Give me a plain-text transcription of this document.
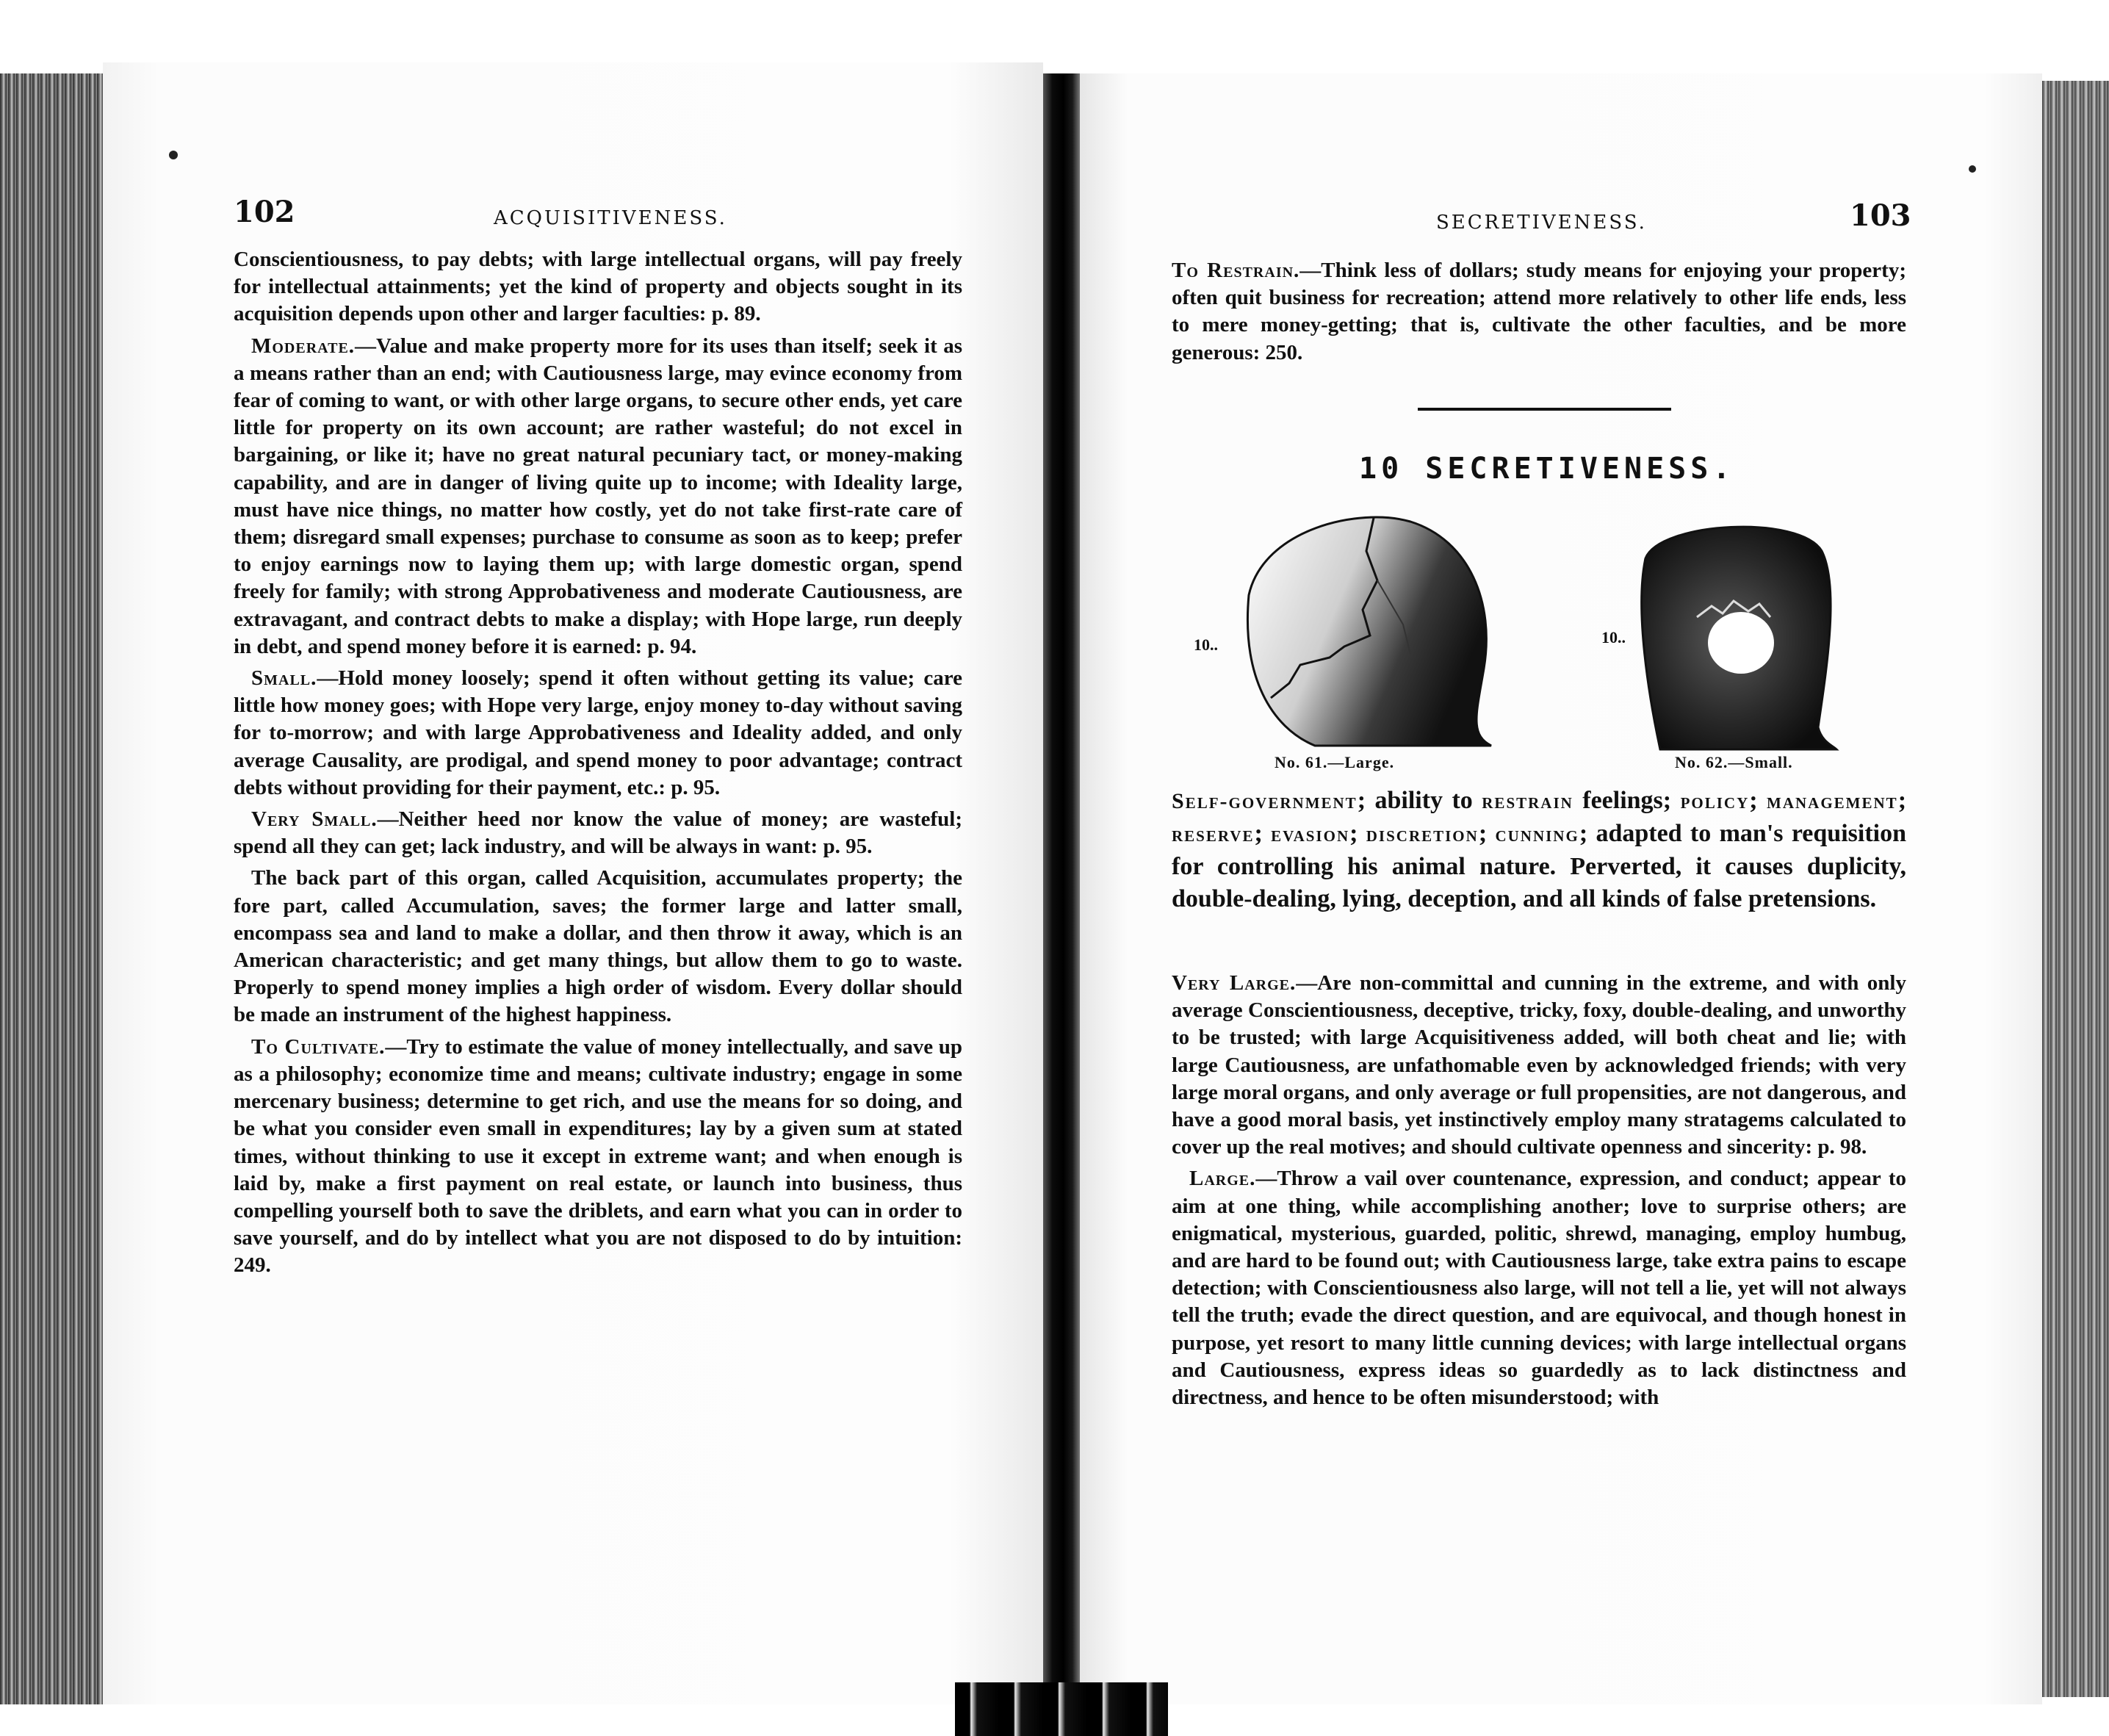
102	ACQUISITIVENESS.

Conscientiousness, to pay debts; with large intellectual organs, will pay freely for intellectual attainments; yet the kind of property and objects sought in its acquisition depends upon other and larger faculties: p. 89.

Moderate.—Value and make property more for its uses than itself; seek it as a means rather than an end; with Cautiousness large, may evince economy from fear of coming to want, or with other large organs, to secure other ends, yet care little for property on its own account; are rather wasteful; do not excel in bargaining, or like it; have no great natural pecuniary tact, or money-making capability, and are in danger of living quite up to income; with Ideality large, must have nice things, no matter how costly, yet do not take first-rate care of them; disregard small expenses; purchase to consume as soon as to keep; prefer to enjoy earnings now to laying them up; with large domestic organ, spend freely for family; with strong Approbativeness and moderate Cautiousness, are extravagant, and contract debts to make a display; with Hope large, run deeply in debt, and spend money before it is earned: p. 94.

Small.—Hold money loosely; spend it often without getting its value; care little how money goes; with Hope very large, enjoy money to-day without saving for to-morrow; and with large Approbativeness and Ideality added, and only average Causality, are prodigal, and spend money to poor advantage; contract debts without providing for their payment, etc.: p. 95.

Very Small.—Neither heed nor know the value of money; are wasteful; spend all they can get; lack industry, and will be always in want: p. 95.

The back part of this organ, called Acquisition, accumulates property; the fore part, called Accumulation, saves; the former large and latter small, encompass sea and land to make a dollar, and then throw it away, which is an American characteristic; and get many things, but allow them to go to waste. Properly to spend money implies a high order of wisdom. Every dollar should be made an instrument of the highest happiness.

To Cultivate.—Try to estimate the value of money intellectually, and save up as a philosophy; economize time and means; cultivate industry; engage in some mercenary business; determine to get rich, and use the means for so doing, and be what you consider even small in expenditures; lay by a given sum at stated times, without thinking to use it except in extreme want; and when enough is laid by, make a first payment on real estate, or launch into business, thus compelling yourself both to save the driblets, and earn what you can in order to save yourself, and do by intellect what you are not disposed to do by intuition: 249.

SECRETIVENESS.	103

To Restrain.—Think less of dollars; study means for enjoying your property; often quit business for recreation; attend more relatively to other life ends, less to mere money-getting; that is, cultivate the other faculties, and be more generous: 250.

10 SECRETIVENESS.
10..
No. 61.—Large.
10..
No. 62.—Small.
Self-government; ability to restrain feelings; policy; management; reserve; evasion; discretion; cunning; adapted to man's requisition for controlling his animal nature. Perverted, it causes duplicity, double-dealing, lying, deception, and all kinds of false pretensions.

Very Large.—Are non-committal and cunning in the extreme, and with only average Conscientiousness, deceptive, tricky, foxy, double-dealing, and unworthy to be trusted; with large Acquisitiveness added, will both cheat and lie; with large Cautiousness, are unfathomable even by acknowledged friends; with very large moral organs, and only average or full propensities, are not dangerous, and have a good moral basis, yet instinctively employ many stratagems calculated to cover up the real motives; and should cultivate openness and sincerity: p. 98.

Large.—Throw a vail over countenance, expression, and conduct; appear to aim at one thing, while accomplishing another; love to surprise others; are enigmatical, mysterious, guarded, politic, shrewd, managing, employ humbug, and are hard to be found out; with Cautiousness large, take extra pains to escape detection; with Conscientiousness also large, will not tell a lie, yet will not always tell the truth; evade the direct question, and are equivocal, and though honest in purpose, yet resort to many little cunning devices; with large intellectual organs and Cautiousness, express ideas so guardedly as to lack distinctness and directness, and hence to be often misunderstood; with
